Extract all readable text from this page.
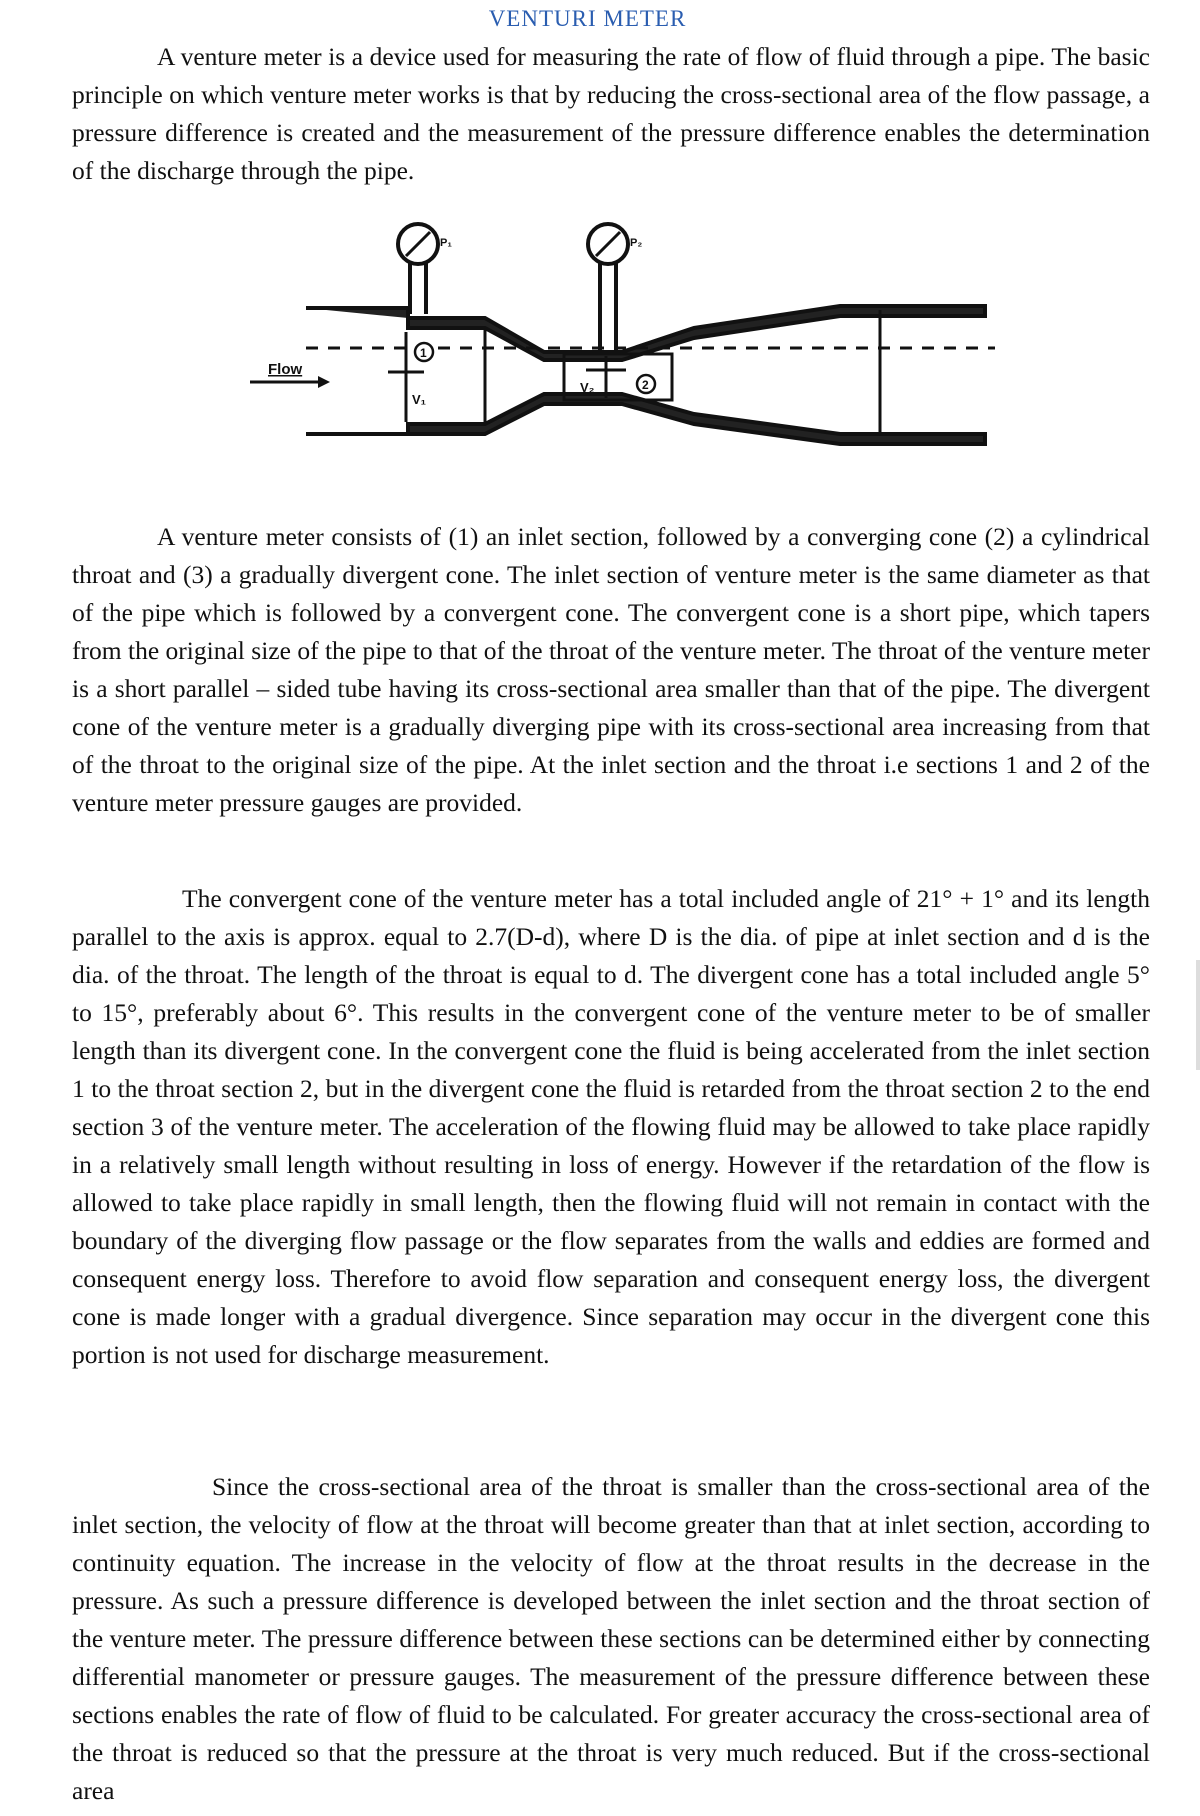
VENTURI METER

A venture meter is a device used for measuring the rate of flow of fluid through a pipe. The basic principle on which venture meter works is that by reducing the cross-sectional area of the flow passage, a pressure difference is created and the measurement of the pressure difference enables the determination of the discharge through the pipe.

Flow
P₁	P₂
V₁
V₂
1
2

A venture meter consists of (1) an inlet section, followed by a converging cone (2) a cylindrical throat and (3) a gradually divergent cone. The inlet section of venture meter is the same diameter as that of the pipe which is followed by a convergent cone. The convergent cone is a short pipe, which tapers from the original size of the pipe to that of the throat of the venture meter. The throat of the venture meter is a short parallel – sided tube having its cross-sectional area smaller than that of the pipe. The divergent cone of the venture meter is a gradually diverging pipe with its cross-sectional area increasing from that of the throat to the original size of the pipe. At the inlet section and the throat i.e sections 1 and 2 of the venture meter pressure gauges are provided.

The convergent cone of the venture meter has a total included angle of 21° + 1° and its length parallel to the axis is approx. equal to 2.7(D-d), where D is the dia. of pipe at inlet section and d is the dia. of the throat. The length of the throat is equal to d. The divergent cone has a total included angle 5° to 15°, preferably about 6°. This results in the convergent cone of the venture meter to be of smaller length than its divergent cone. In the convergent cone the fluid is being accelerated from the inlet section 1 to the throat section 2, but in the divergent cone the fluid is retarded from the throat section 2 to the end section 3 of the venture meter. The acceleration of the flowing fluid may be allowed to take place rapidly in a relatively small length without resulting in loss of energy. However if the retardation of the flow is allowed to take place rapidly in small length, then the flowing fluid will not remain in contact with the boundary of the diverging flow passage or the flow separates from the walls and eddies are formed and consequent energy loss. Therefore to avoid flow separation and consequent energy loss, the divergent cone is made longer with a gradual divergence. Since separation may occur in the divergent cone this portion is not used for discharge measurement.

Since the cross-sectional area of the throat is smaller than the cross-sectional area of the inlet section, the velocity of flow at the throat will become greater than that at inlet section, according to continuity equation. The increase in the velocity of flow at the throat results in the decrease in the pressure. As such a pressure difference is developed between the inlet section and the throat section of the venture meter. The pressure difference between these sections can be determined either by connecting differential manometer or pressure gauges. The measurement of the pressure difference between these sections enables the rate of flow of fluid to be calculated. For greater accuracy the cross-sectional area of the throat is reduced so that the pressure at the throat is very much reduced. But if the cross-sectional area
